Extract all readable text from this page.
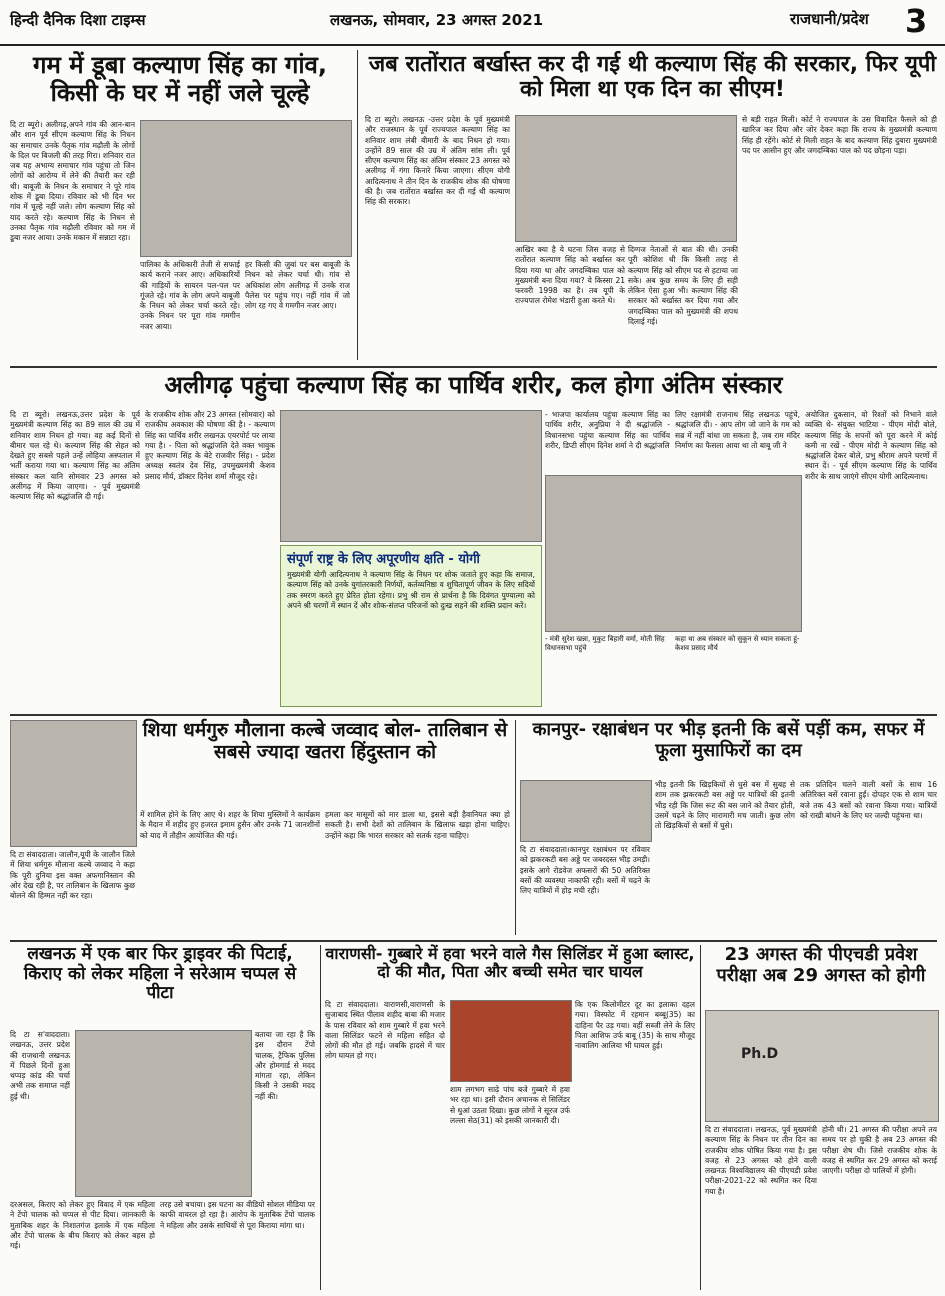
हिन्दी दैनिक दिशा टाइम्स	लखनऊ, सोमवार, 23 अगस्त 2021	राजधानी/प्रदेश 3
गम में डूबा कल्याण सिंह का गांव, किसी के घर में नहीं जले चूल्हे
दि टा ब्यूरो। अलीगढ़,अपने गांव की आन-बान और शान पूर्व सीएम कल्याण सिंह के निधन का समाचार उनके पैतृक गांव मढ़ौली के लोगों के दिल पर बिजली की तरह गिरा। शनिवार रात जब यह अभाग्य समाचार गांव पहुंचा तो जिन लोगों को आरोग्य में लेने की तैयारी कर रही थी। बाबूजी के निधन के समाचार ने पूरे गांव शोक में डूबा दिया। रविवार को भी दिन भर गांव में चूल्हे नहीं जले। लोग कल्याण सिंह को याद करते रहे। कल्याण सिंह के निधन से उनका पैतृक गांव मढ़ौली रविवार को गम में डूबा नजर आया। उनके मकान में सन्नाटा रहा।
पालिका के अधिकारी तेजी से सफाई कार्य कराने नजर आए। अधिकारियों की गाड़ियों के सायरन पल-पल पर गूंजते रहे। गांव के लोग अपने बाबूजी के निधन को लेकर चर्चा करते रहे। उनके निधन पर पूरा गांव गमगीन नजर आया।
हर किसी की जुबां पर बस बाबूजी के निधन को लेकर चर्चा थी। गांव से अधिकांश लोग अलीगढ़ में उनके राज पैलेस पर पहुंच गए। नहीं गांव में जो लोग रह गए वे गमगीन नजर आए।
जब रातोंरात बर्खास्त कर दी गई थी कल्याण सिंह की सरकार, फिर यूपी को मिला था एक दिन का सीएम!
दि टा ब्यूरो। लखनऊ -उत्तर प्रदेश के पूर्व मुख्यमंत्री और राजस्थान के पूर्व राज्यपाल कल्याण सिंह का शनिवार शाम लंबी बीमारी के बाद निधन हो गया। उन्होंने 89 साल की उम्र में अंतिम सांस ली। पूर्व सीएम कल्याण सिंह का अंतिम संस्कार 23 अगस्त को अलीगढ़ में गंगा किनारे किया जाएगा। सीएम योगी आदित्यनाथ ने तीन दिन के राजकीय शोक की घोषणा की है। जब रातोंरात बर्खास्त कर दी गई थी कल्याण सिंह की सरकार।
आखिर क्या है ये घटना जिस वजह से रातोंरात कल्याण सिंह को बर्खास्त कर दिया गया था और जगदम्बिका पाल को मुख्यमंत्री बना दिया गया? ये किस्सा 21 फरवरी 1998 का है। तब यूपी के राज्यपाल रोमेश भंडारी हुआ करते थे।
दिग्गज नेताओं से बात की थी। उनकी पूरी कोशिश थी कि किसी तरह से कल्याण सिंह को सीएम पद से हटाया जा सके। अब कुछ समय के लिए ही सही लेकिन ऐसा हुआ भी। कल्याण सिंह की सरकार को बर्खास्त कर दिया गया और जगदम्बिका पाल को मुख्यमंत्री की शपथ दिलाई गई।
से बड़ी राहत मिली। कोर्ट ने राज्यपाल के उस विवादित फैसले को ही खारिज कर दिया और जोर देकर कहा कि राज्य के मुख्यमंत्री कल्याण सिंह ही रहेंगे। कोर्ट से मिली राहत के बाद कल्याण सिंह दुबारा मुख्यमंत्री पद पर आसीन हुए और जगदम्बिका पाल को पद छोड़ना पड़ा।
अलीगढ़ पहुंचा कल्याण सिंह का पार्थिव शरीर, कल होगा अंतिम संस्कार
दि टा ब्यूरो। लखनऊ,उत्तर प्रदेश के पूर्व मुख्यमंत्री कल्याण सिंह का 89 साल की उम्र में शनिवार शाम निधन हो गया। वह कई दिनों से बीमार चल रहे थे। कल्याण सिंह की सेहत को देखते हुए सबसे पहले उन्हें लोहिया अस्पताल में भर्ती कराया गया था। कल्याण सिंह का अंतिम संस्कार कल यानि सोमवार 23 अगस्त को अलीगढ़ में किया जाएगा। - पूर्व मुख्यमंत्री कल्याण सिंह को श्रद्धांजलि दी गई।
के राजकीय शोक और 23 अगस्त (सोमवार) को राजकीय अवकाश की घोषणा की है। - कल्याण सिंह का पार्थिव शरीर लखनऊ एयरपोर्ट पर लाया गया है। - पिता को श्रद्धांजलि देते वक्त भावुक हुए कल्याण सिंह के बेटे राजवीर सिंह। - प्रदेश अध्यक्ष स्वतंत्र देव सिंह, उपमुख्यमंत्री केशव प्रसाद मौर्य, डॉक्टर दिनेश शर्मा मौजूद रहे।
- भाजपा कार्यालय पहुंचा कल्याण सिंह का पार्थिव शरीर, अनुप्रिया ने दी श्रद्धांजलि - विधानसभा पहुंचा कल्याण सिंह का पार्थिव शरीर, डिप्टी सीएम दिनेश शर्मा ने दी श्रद्धांजलि
लिए रक्षामंत्री राजनाथ सिंह लखनऊ पहुंचे, श्रद्धांजलि दी। - आप लोग जो जाने के गम को सब्र में नहीं बांधा जा सकता है, जब राम मंदिर निर्माण का फैसला आया था तो बाबू जी ने
अयोजित दुकसान, वो रिश्तों को निभाने वाले व्यक्ति थे- संयुक्त भाटिया - पीएम मोदी बोले, कल्याण सिंह के सपनों को पूरा करने में कोई कमी ना रखें - पीएम मोदी ने कल्याण सिंह को श्रद्धांजलि देकर बोले, प्रभु श्रीराम अपने चरणों में स्थान दें। - पूर्व सीएम कल्याण सिंह के पार्थिव शरीर के साथ जाएंगे सीएम योगी आदित्यनाथ।
संपूर्ण राष्ट्र के लिए अपूरणीय क्षति - योगी
मुख्यमंत्री योगी आदित्यनाथ ने कल्याण सिंह के निधन पर शोक जताते हुए कहा कि समाज, कल्याण सिंह को उनके युगांतरकारी निर्णयों, कर्तव्यनिष्ठा व शुचितापूर्ण जीवन के लिए सदियों तक स्मरण करते हुए प्रेरित होता रहेगा। प्रभु श्री राम से प्रार्थना है कि दिवंगत पुण्यात्मा को अपने श्री चरणों में स्थान दें और शोक-संतप्त परिजनों को दुःख सहने की शक्ति प्रदान करें।
- मंत्री सुरेश खन्ना, मुकुट बिहारी वर्मा, मोती सिंह विधानसभा पहुंचे
कहा था अब संस्कार को सुकून से ध्यान सकता हूं- केशव प्रसाद मौर्य
शिया धर्मगुरु मौलाना कल्बे जव्वाद बोल- तालिबान से सबसे ज्यादा खतरा हिंदुस्तान को
दि टा संवाददाता। जालौन,यूपी के जालौन जिले में शिया धर्मगुरु मौलाना कल्बे जव्वाद ने कहा कि पूरी दुनिया इस वक्त अफगानिस्तान की ओर देख रही है, पर तालिबान के खिलाफ कुछ बोलने की हिम्मत नहीं कर रहा।
में शामिल होने के लिए आए थे। शहर के शिया मुस्लिमों ने कार्यक्रम के मैदान में शहीद हुए हजरत इमाम हुसैन और उनके 71 जानशीनों को याद में तौहीन आयोजित की गई।
हमला कर मासूमों को मार डाला था, इससे बड़ी हैवानियत क्या हो सकती है। सभी देशों को तालिबान के खिलाफ खड़ा होना चाहिए। उन्होंने कहा कि भारत सरकार को सतर्क रहना चाहिए।
कानपुर- रक्षाबंधन पर भीड़ इतनी कि बसें पड़ीं कम, सफर में फूला मुसाफिरों का दम
दि टा संवाददाता।कानपुर रक्षाबंधन पर रविवार को झकरकटी बस अड्डे पर जबरदस्त भीड़ उमड़ी। इसके आगे रोडवेज अफसरों की 50 अतिरिक्त बसों की व्यवस्था नाकाफी रही। बसों में चढ़ने के लिए यात्रियों में होड़ मची रही।
भीड़ इतनी कि खिड़कियों से घुसे बस में सुबह से शाम तक झकरकटी बस अड्डे पर यात्रियों की इतनी भीड़ रही कि जिस रूट की बस जाने को तैयार होती, उसमें चढ़ने के लिए मारामारी मच जाती। कुछ लोग तो खिड़कियों से बसों में घुसे।
तक प्रतिदिन चलने वाली बसों के साथ 16 अतिरिक्त बसें रवाना हुईं। दोपहर एक से शाम चार बजे तक 43 बसों को रवाना किया गया। यात्रियों को राखी बांधने के लिए घर जल्दी पहुंचना था।
लखनऊ में एक बार फिर ड्राइवर की पिटाई, किराए को लेकर महिला ने सरेआम चप्पल से पीटा
दि टा स'वाददाता। लखनऊ, उत्तर प्रदेश की राजधानी लखनऊ में पिछले दिनों हुआ थप्पड़ कांड की चर्चा अभी तक समाप्त नहीं हुई थी।
बताया जा रहा है कि इस दौरान टेंपो चालक, ट्रैफिक पुलिस और होमगार्ड से मदद मांगता रहा, लेकिन किसी ने उसकी मदद नहीं की।
दरअसल, किराए को लेकर हुए विवाद में एक महिला ने टेंपो चालक को चप्पल से पीट दिया। जानकारी के मुताबिक शहर के निशातगंज इलाके में एक महिला और टेंपो चालक के बीच किराए को लेकर बहस हो गई।
तरह उसे बचाया। इस घटना का वीडियो सोशल मीडिया पर काफी वायरल हो रहा है। आरोप के मुताबिक टेंपो चालक ने महिला और उसके साथियों से पूरा किराया मांगा था।
वाराणसी- गुब्बारे में हवा भरने वाले गैस सिलिंडर में हुआ ब्लास्ट, दो की मौत, पिता और बच्ची समेत चार घायल
दि टा संवाददाता। वाराणसी,वाराणसी के सुजाबाद स्थित पीलाव शहीद बाबा की मजार के पास रविवार को शाम गुब्बारे में हवा भरने वाला सिलिंडर फटने से महिला सहित दो लोगों की मौत हो गई। जबकि हादसे में चार लोग घायल हो गए।
शाम लगभग साढ़े पांच बजे गुब्बारे में हवा भर रहा था। इसी दौरान अचानक से सिलिंडर से धुआं उठता दिखा। कुछ लोगों ने सूरज उर्फ लल्ला सेठ(31) को इसकी जानकारी दी।
कि एक किलोमीटर दूर का इलाका दहल गया। विस्फोट में रहमान बब्बू(35) का दाहिना पैर उड़ गया। वहीं सब्जी लेने के लिए पिता आशिफ उर्फ बाबू (35) के साथ मौजूद नाबालिग आलिया भी घायल हुई।
23 अगस्त की पीएचडी प्रवेश परीक्षा अब 29 अगस्त को होगी
Ph.D
दि टा संवाददाता। लखनऊ, पूर्व मुख्यमंत्री कल्याण सिंह के निधन पर तीन दिन का राजकीय शोक घोषित किया गया है। इस वजह से 23 अगस्त को होने वाली लखनऊ विश्वविद्यालय की पीएचडी प्रवेश परीक्षा-2021-22 को स्थगित कर दिया गया है।
होनी थी। 21 अगस्त की परीक्षा अपने तय समय पर हो चुकी है अब 23 अगस्त की परीक्षा शेष थी। जिसे राजकीय शोक के वजह से स्थगित कर 29 अगस्त को कराई जाएगी। परीक्षा दो पालियों में होगी।
